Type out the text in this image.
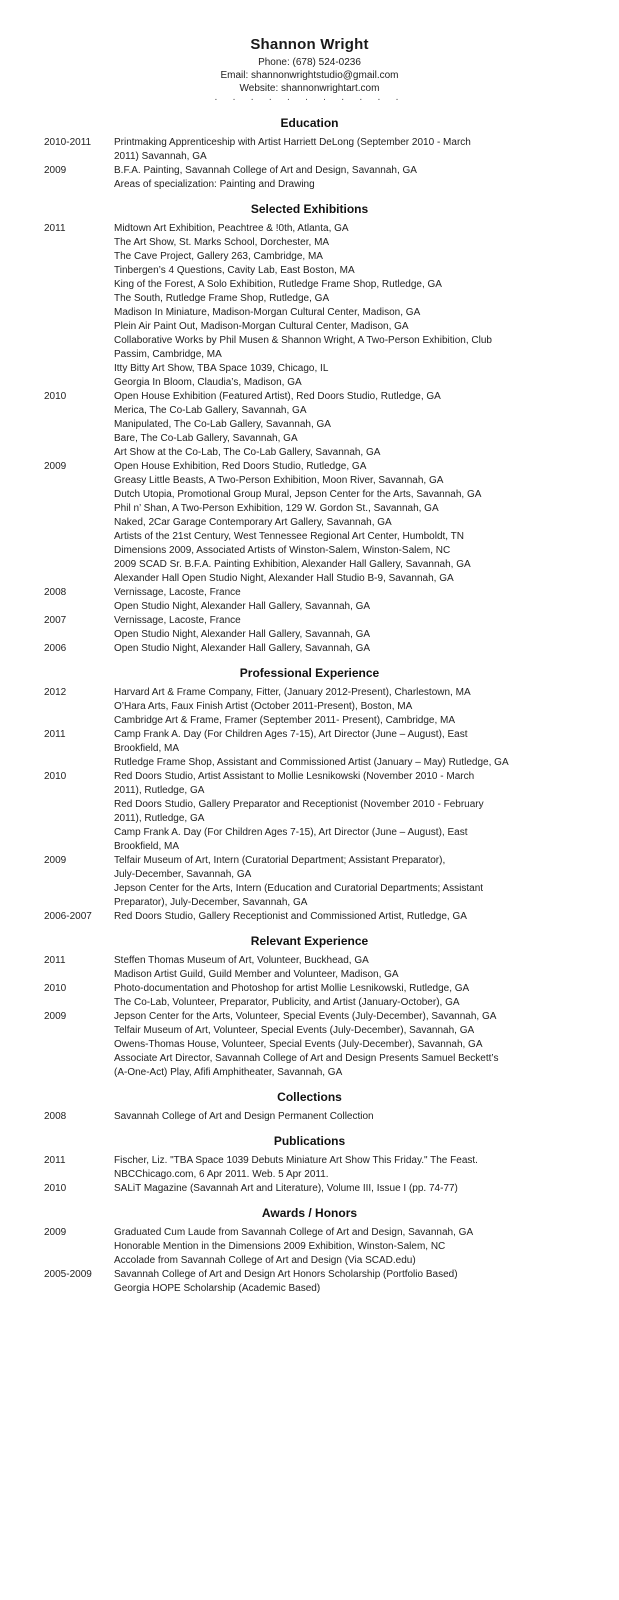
Shannon Wright
Phone: (678) 524-0236
Email: shannonwrightstudio@gmail.com
Website: shannonwrightart.com
· · · · · · · · · · ·
Education
2010-2011	Printmaking Apprenticeship with Artist Harriett DeLong (September 2010 - March
2011) Savannah, GA
2009	B.F.A. Painting, Savannah College of Art and Design, Savannah, GA
Areas of specialization: Painting and Drawing
Selected Exhibitions
2011	Midtown Art Exhibition, Peachtree & !0th, Atlanta, GA
The Art Show, St. Marks School, Dorchester, MA
The Cave Project, Gallery 263, Cambridge, MA
Tinbergen’s 4 Questions, Cavity Lab, East Boston, MA
King of the Forest, A Solo Exhibition, Rutledge Frame Shop, Rutledge, GA
The South, Rutledge Frame Shop, Rutledge, GA
Madison In Miniature, Madison-Morgan Cultural Center, Madison, GA
Plein Air Paint Out, Madison-Morgan Cultural Center, Madison, GA
Collaborative Works by Phil Musen & Shannon Wright, A Two-Person Exhibition, Club
Passim, Cambridge, MA
Itty Bitty Art Show, TBA Space 1039, Chicago, IL
Georgia In Bloom, Claudia’s, Madison, GA
2010	Open House Exhibition (Featured Artist), Red Doors Studio, Rutledge, GA
Merica, The Co-Lab Gallery, Savannah, GA
Manipulated, The Co-Lab Gallery, Savannah, GA
Bare, The Co-Lab Gallery, Savannah, GA
Art Show at the Co-Lab, The Co-Lab Gallery, Savannah, GA
2009	Open House Exhibition, Red Doors Studio, Rutledge, GA
Greasy Little Beasts, A Two-Person Exhibition, Moon River, Savannah, GA
Dutch Utopia, Promotional Group Mural, Jepson Center for the Arts, Savannah, GA
Phil n’ Shan, A Two-Person Exhibition, 129 W. Gordon St., Savannah, GA
Naked, 2Car Garage Contemporary Art Gallery, Savannah, GA
Artists of the 21st Century, West Tennessee Regional Art Center, Humboldt, TN
Dimensions 2009, Associated Artists of Winston-Salem, Winston-Salem, NC
2009 SCAD Sr. B.F.A. Painting Exhibition, Alexander Hall Gallery, Savannah, GA
Alexander Hall Open Studio Night, Alexander Hall Studio B-9, Savannah, GA
2008	Vernissage, Lacoste, France
Open Studio Night, Alexander Hall Gallery, Savannah, GA
2007	Vernissage, Lacoste, France
Open Studio Night, Alexander Hall Gallery, Savannah, GA
2006	Open Studio Night, Alexander Hall Gallery, Savannah, GA
Professional Experience
2012	Harvard Art & Frame Company, Fitter, (January 2012-Present), Charlestown, MA
O’Hara Arts, Faux Finish Artist (October 2011-Present), Boston, MA
Cambridge Art & Frame, Framer (September 2011- Present), Cambridge, MA
2011	Camp Frank A. Day (For Children Ages 7-15), Art Director (June – August), East
Brookfield, MA
Rutledge Frame Shop, Assistant and Commissioned Artist (January – May) Rutledge, GA
2010	Red Doors Studio, Artist Assistant to Mollie Lesnikowski (November 2010 - March
2011), Rutledge, GA
Red Doors Studio, Gallery Preparator and Receptionist (November 2010 - February
2011), Rutledge, GA
Camp Frank A. Day (For Children Ages 7-15), Art Director (June – August), East
Brookfield, MA
2009	Telfair Museum of Art, Intern (Curatorial Department; Assistant Preparator),
July-December, Savannah, GA
Jepson Center for the Arts, Intern (Education and Curatorial Departments; Assistant
Preparator), July-December, Savannah, GA
2006-2007	Red Doors Studio, Gallery Receptionist and Commissioned Artist, Rutledge, GA
Relevant Experience
2011	Steffen Thomas Museum of Art, Volunteer, Buckhead, GA
Madison Artist Guild, Guild Member and Volunteer, Madison, GA
2010	Photo-documentation and Photoshop for artist Mollie Lesnikowski, Rutledge, GA
The Co-Lab, Volunteer, Preparator, Publicity, and Artist (January-October), GA
2009	Jepson Center for the Arts, Volunteer, Special Events (July-December), Savannah, GA
Telfair Museum of Art, Volunteer, Special Events (July-December), Savannah, GA
Owens-Thomas House, Volunteer, Special Events (July-December), Savannah, GA
Associate Art Director, Savannah College of Art and Design Presents Samuel Beckett’s
(A-One-Act) Play, Afifi Amphitheater, Savannah, GA
Collections
2008	Savannah College of Art and Design Permanent Collection
Publications
2011	Fischer, Liz. "TBA Space 1039 Debuts Miniature Art Show This Friday." The Feast.
NBCChicago.com, 6 Apr 2011. Web. 5 Apr 2011.
2010	SALiT Magazine (Savannah Art and Literature), Volume III, Issue I (pp. 74-77)
Awards / Honors
2009	Graduated Cum Laude from Savannah College of Art and Design, Savannah, GA
Honorable Mention in the Dimensions 2009 Exhibition, Winston-Salem, NC
Accolade from Savannah College of Art and Design (Via SCAD.edu)
2005-2009	Savannah College of Art and Design Art Honors Scholarship (Portfolio Based)
Georgia HOPE Scholarship (Academic Based)
